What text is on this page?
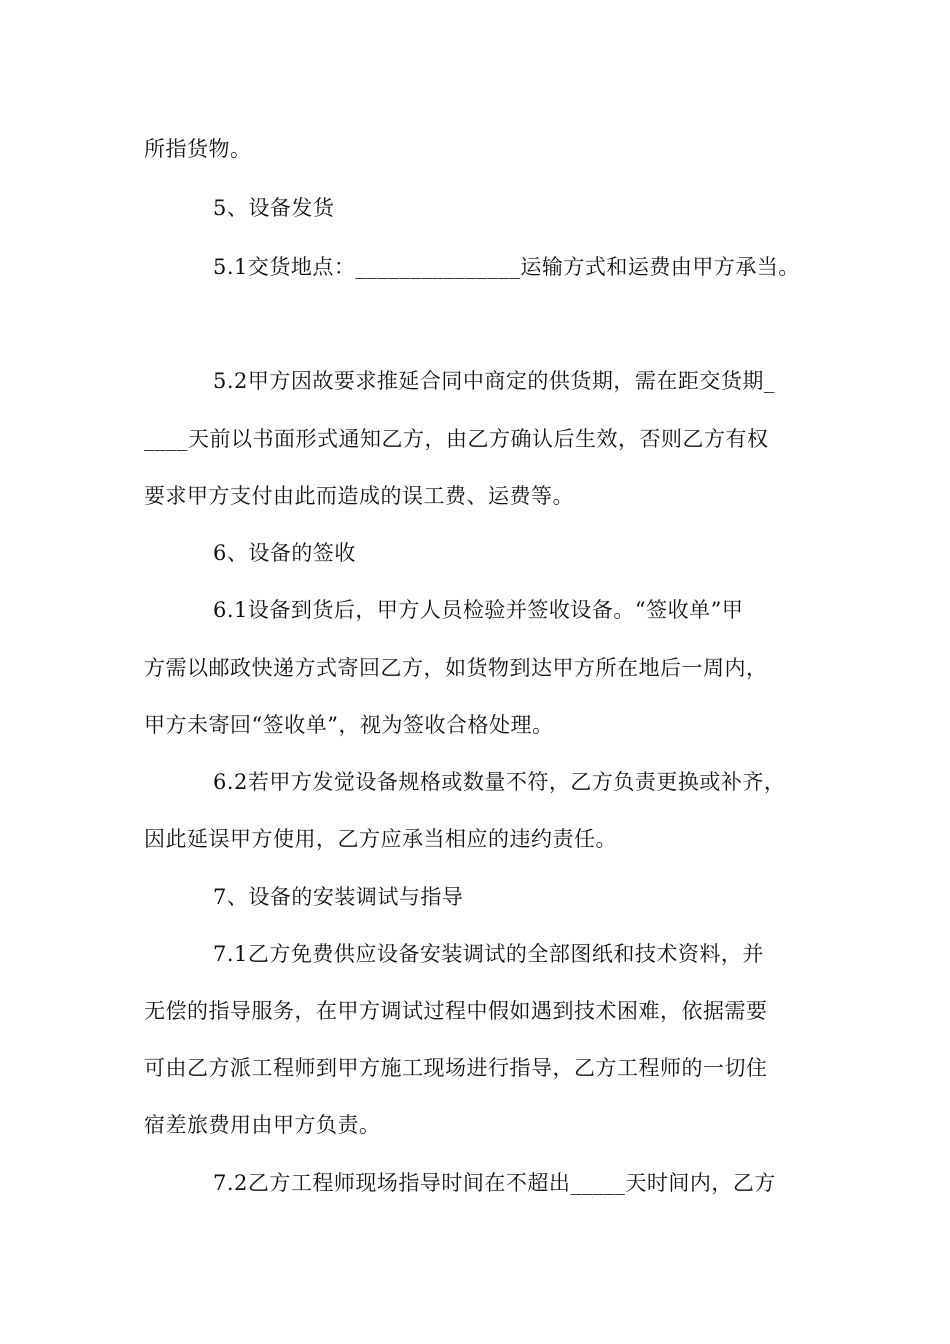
所指货物。
5、设备发货
5.1交货地点：_______________运输方式和运费由甲方承当。
5.2甲方因故要求推延合同中商定的供货期，需在距交货期_
____天前以书面形式通知乙方，由乙方确认后生效，否则乙方有权
要求甲方支付由此而造成的误工费、运费等。
6、设备的签收
6.1设备到货后，甲方人员检验并签收设备。“签收单”甲
方需以邮政快递方式寄回乙方，如货物到达甲方所在地后一周内，
甲方未寄回“签收单”，视为签收合格处理。
6.2若甲方发觉设备规格或数量不符，乙方负责更换或补齐，
因此延误甲方使用，乙方应承当相应的违约责任。
7、设备的安装调试与指导
7.1乙方免费供应设备安装调试的全部图纸和技术资料，并
无偿的指导服务，在甲方调试过程中假如遇到技术困难，依据需要
可由乙方派工程师到甲方施工现场进行指导，乙方工程师的一切住
宿差旅费用由甲方负责。
7.2乙方工程师现场指导时间在不超出_____天时间内，乙方
